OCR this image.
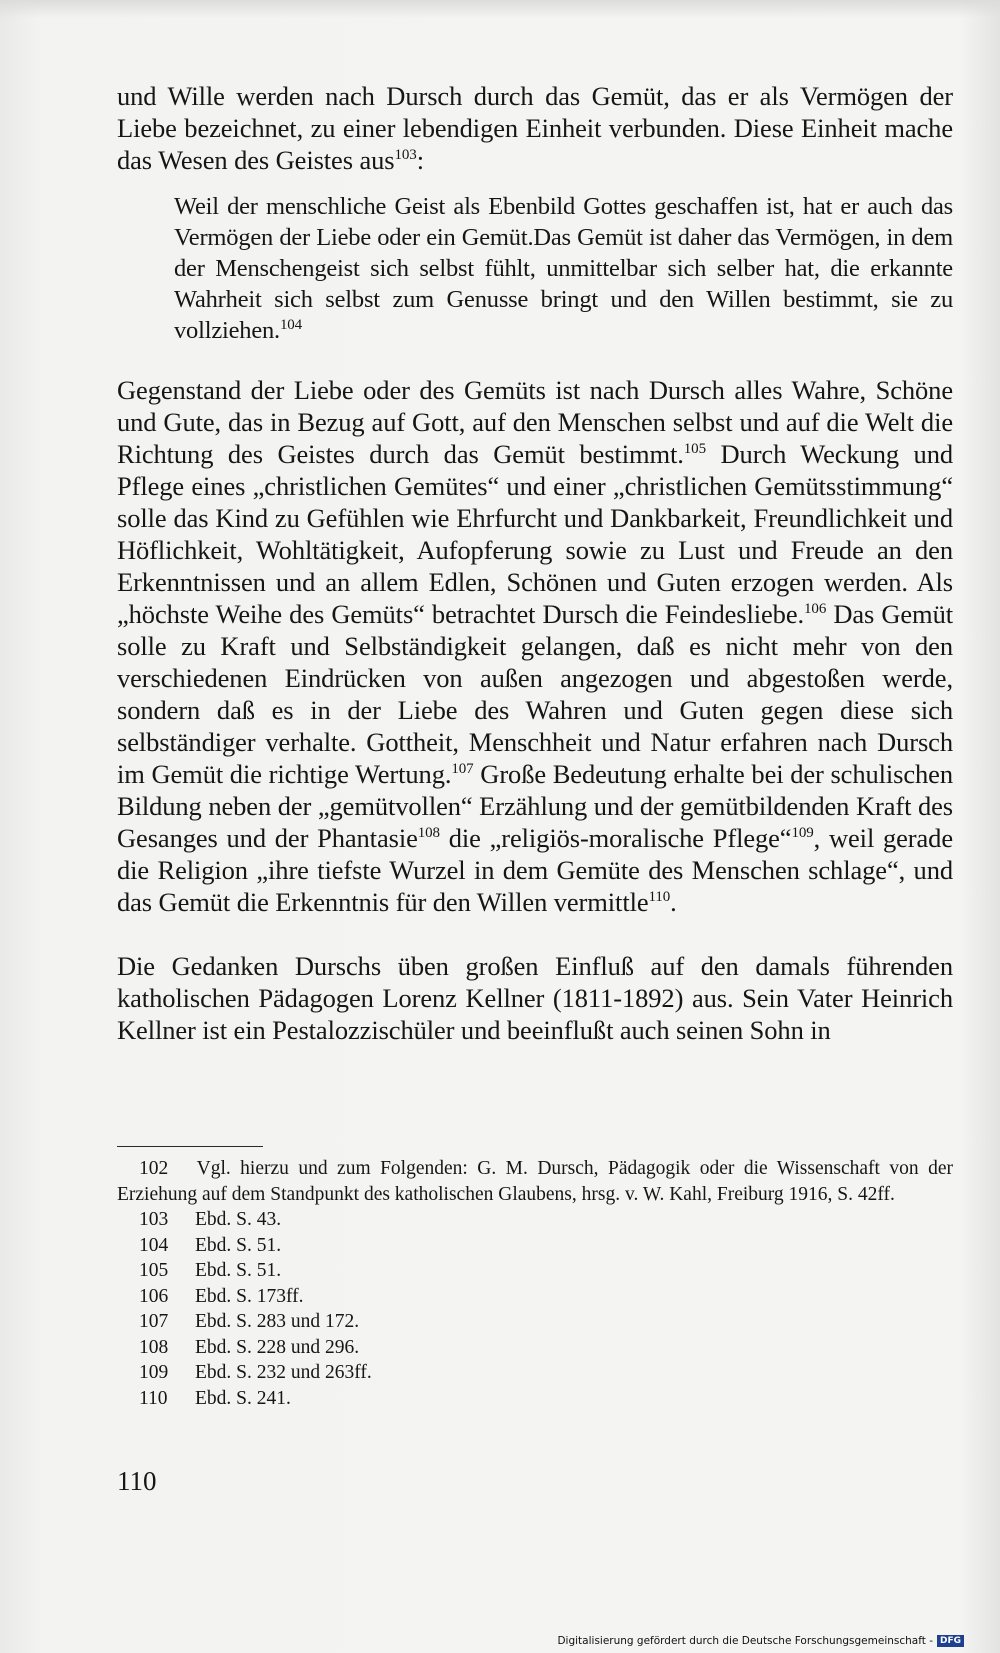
und Wille werden nach Dursch durch das Gemüt, das er als Vermögen der Liebe bezeichnet, zu einer lebendigen Einheit verbunden. Diese Einheit mache das Wesen des Geistes aus$^{103}$:

Weil der menschliche Geist als Ebenbild Gottes geschaffen ist, hat er auch das Vermögen der Liebe oder ein Gemüt.Das Gemüt ist daher das Vermögen, in dem der Menschengeist sich selbst fühlt, unmittelbar sich selber hat, die erkannte Wahrheit sich selbst zum Genusse bringt und den Willen bestimmt, sie zu vollziehen.$^{104}$

Gegenstand der Liebe oder des Gemüts ist nach Dursch alles Wahre, Schöne und Gute, das in Bezug auf Gott, auf den Menschen selbst und auf die Welt die Richtung des Geistes durch das Gemüt bestimmt.$^{105}$ Durch Weckung und Pflege eines „christlichen Gemütes“ und einer „christlichen Gemütsstimmung“ solle das Kind zu Gefühlen wie Ehrfurcht und Dankbarkeit, Freundlichkeit und Höflichkeit, Wohltätigkeit, Aufopferung sowie zu Lust und Freude an den Erkenntnissen und an allem Edlen, Schönen und Guten erzogen werden. Als „höchste Weihe des Gemüts“ betrachtet Dursch die Feindesliebe.$^{106}$ Das Gemüt solle zu Kraft und Selbständigkeit gelangen, daß es nicht mehr von den verschiedenen Eindrücken von außen angezogen und abgestoßen werde, sondern daß es in der Liebe des Wahren und Guten gegen diese sich selbständiger verhalte. Gottheit, Menschheit und Natur erfahren nach Dursch im Gemüt die richtige Wertung.$^{107}$ Große Bedeutung erhalte bei der schulischen Bildung neben der „gemütvollen“ Erzählung und der gemütbildenden Kraft des Gesanges und der Phantasie$^{108}$ die „religiös-moralische Pflege“$^{109}$, weil gerade die Religion „ihre tiefste Wurzel in dem Gemüte des Menschen schlage“, und das Gemüt die Erkenntnis für den Willen vermittle$^{110}$.

Die Gedanken Durschs üben großen Einfluß auf den damals führenden katholischen Pädagogen Lorenz Kellner (1811-1892) aus. Sein Vater Heinrich Kellner ist ein Pestalozzischüler und beeinflußt auch seinen Sohn in

102 Vgl. hierzu und zum Folgenden: G. M. Dursch, Pädagogik oder die Wissenschaft von der Erziehung auf dem Standpunkt des katholischen Glaubens, hrsg. v. W. Kahl, Freiburg 1916, S. 42ff.

103	Ebd. S. 43.
104	Ebd. S. 51.
105	Ebd. S. 51.
106	Ebd. S. 173ff.
107	Ebd. S. 283 und 172.
108	Ebd. S. 228 und 296.
109	Ebd. S. 232 und 263ff.
110	Ebd. S. 241.
110
Digitalisierung gefördert durch die Deutsche Forschungsgemeinschaft - DFG
